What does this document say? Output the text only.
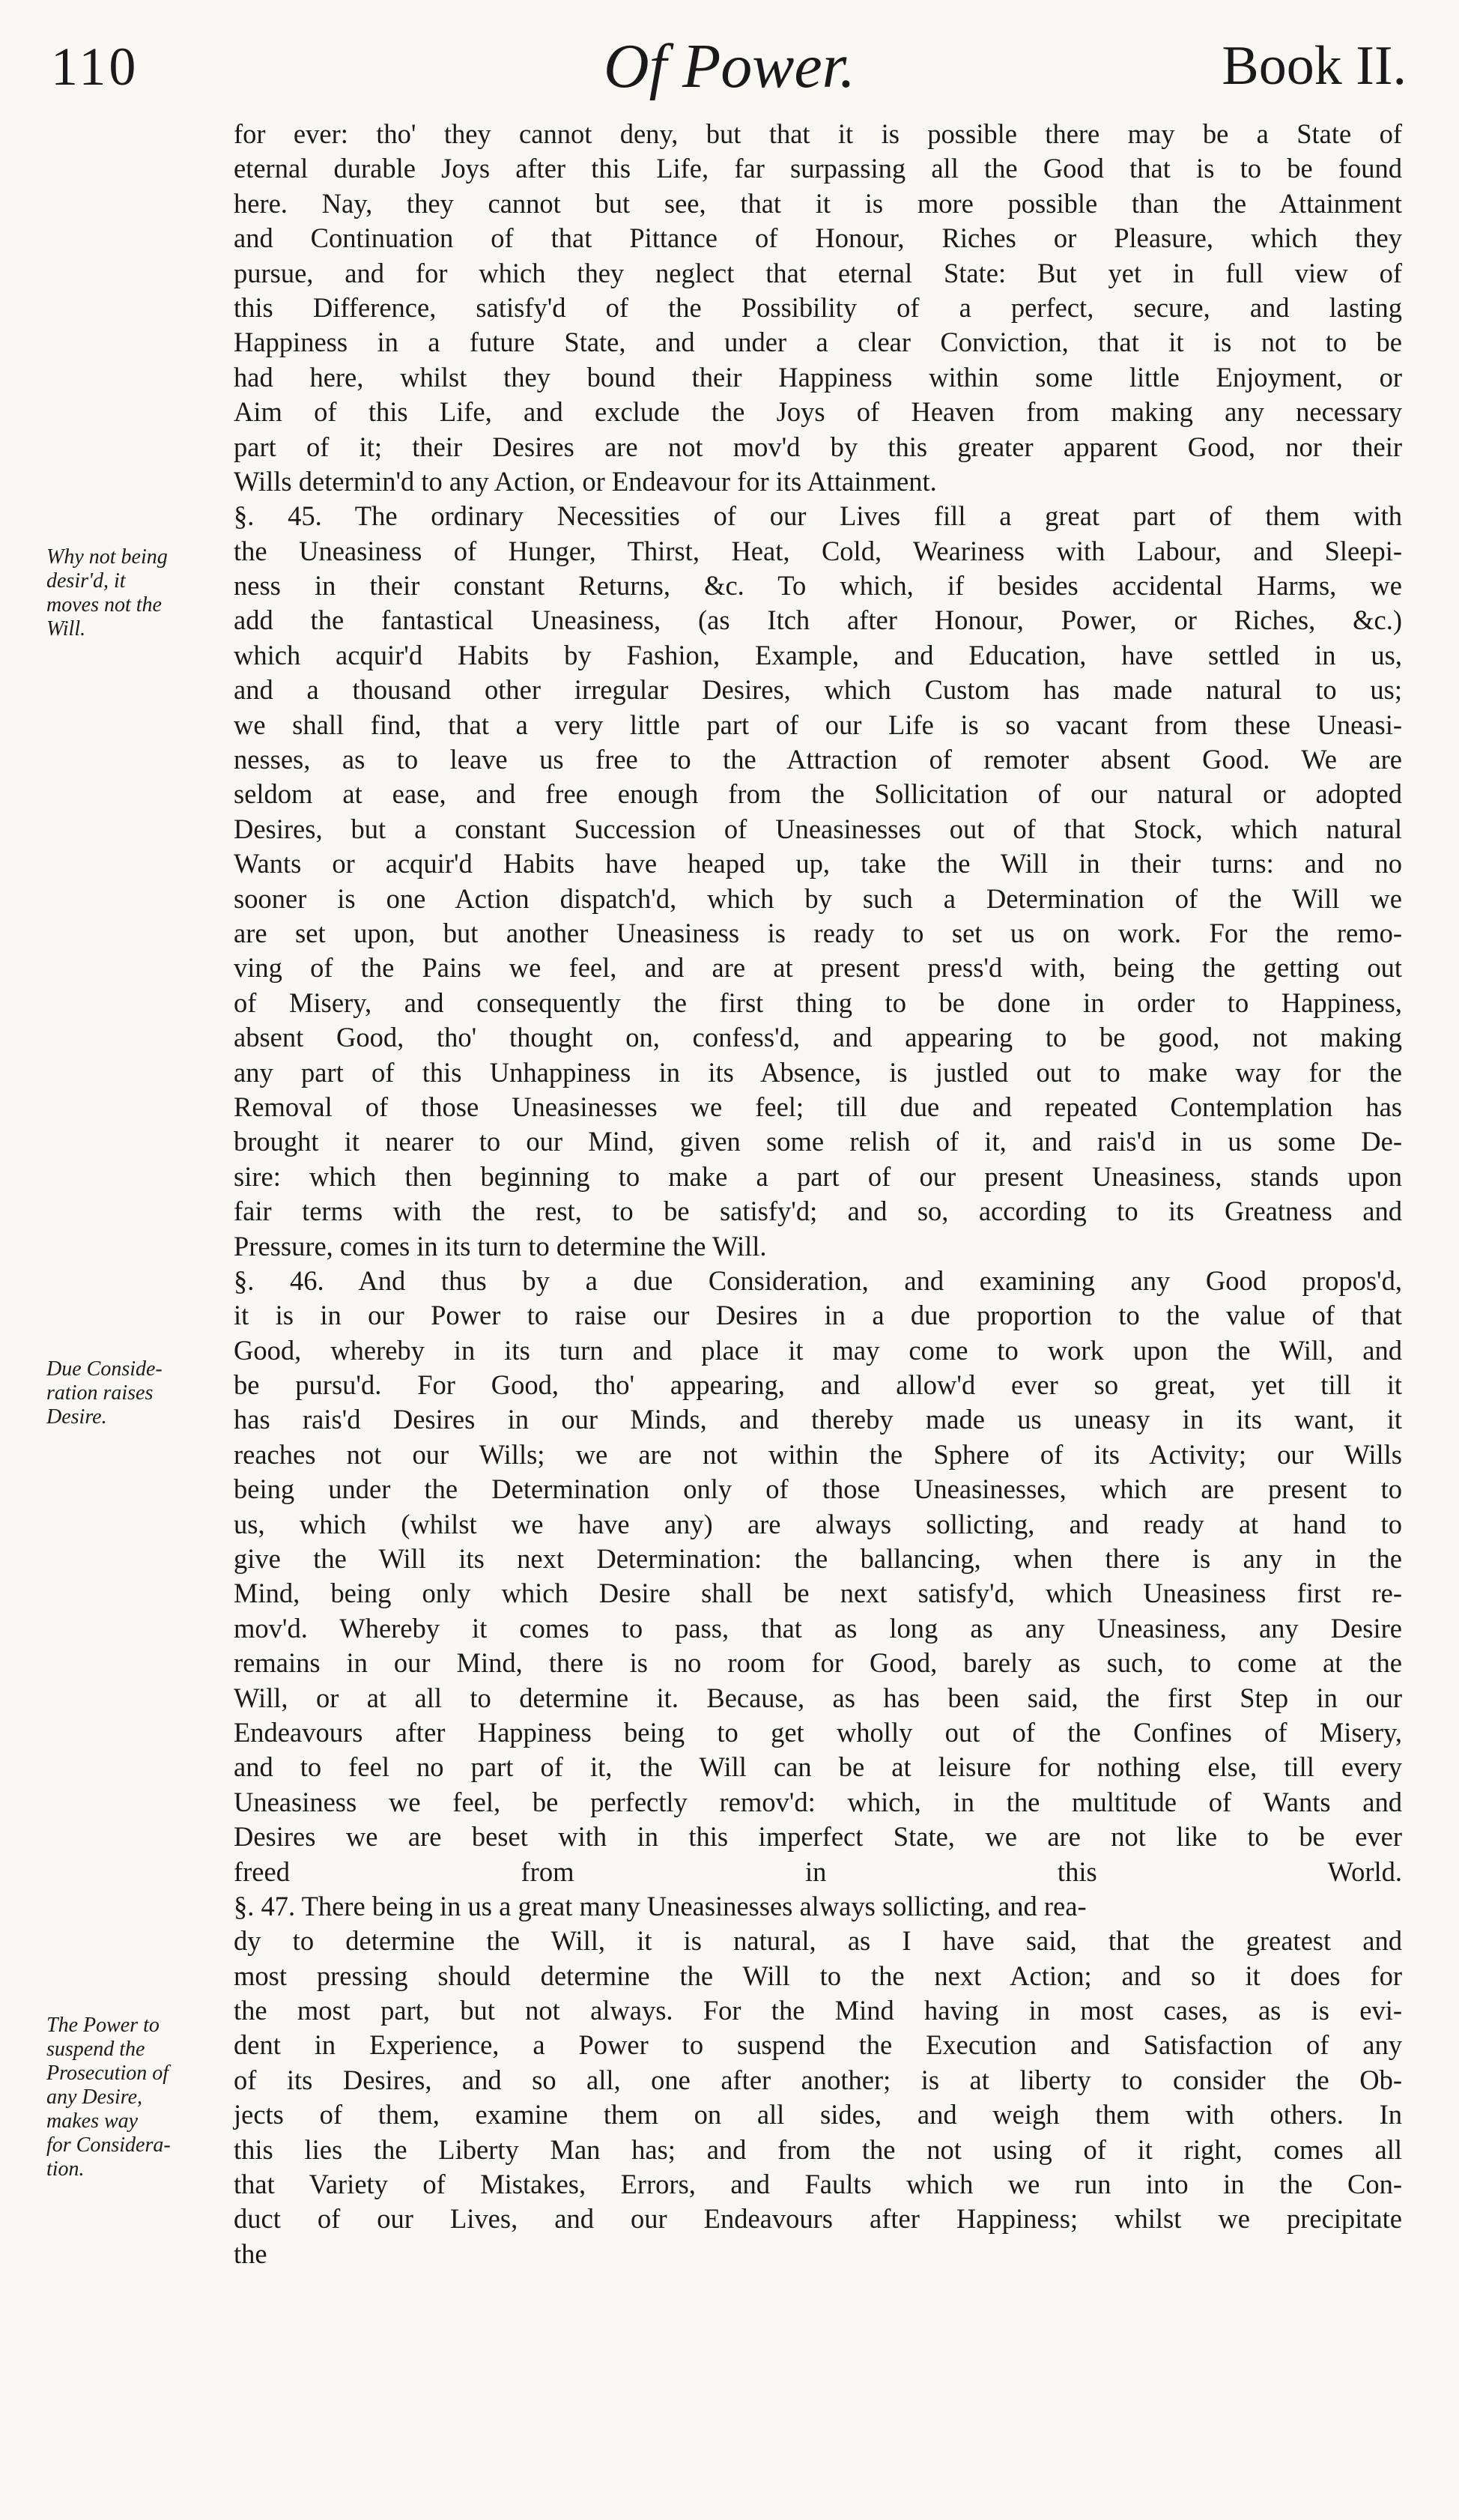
110	Of Power.	Book II.
Why not being
desir'd, it
moves not the
Will.
Due Conside-
ration raises
Desire.
The Power to
suspend the
Prosecution of
any Desire,
makes way
for Considera-
tion.
for ever: tho' they cannot deny, but that it is possible there may be a State of
eternal durable Joys after this Life, far surpassing all the Good that is to be found
here. Nay, they cannot but see, that it is more possible than the Attainment
and Continuation of that Pittance of Honour, Riches or Pleasure, which they
pursue, and for which they neglect that eternal State: But yet in full view of
this Difference, satisfy'd of the Possibility of a perfect, secure, and lasting
Happiness in a future State, and under a clear Conviction, that it is not to be
had here, whilst they bound their Happiness within some little Enjoyment, or
Aim of this Life, and exclude the Joys of Heaven from making any necessary
part of it; their Desires are not mov'd by this greater apparent Good, nor their
Wills determin'd to any Action, or Endeavour for its Attainment.
§. 45. The ordinary Necessities of our Lives fill a great part of them with
the Uneasiness of Hunger, Thirst, Heat, Cold, Weariness with Labour, and Sleepi-
ness in their constant Returns, &c. To which, if besides accidental Harms, we
add the fantastical Uneasiness, (as Itch after Honour, Power, or Riches, &c.)
which acquir'd Habits by Fashion, Example, and Education, have settled in us,
and a thousand other irregular Desires, which Custom has made natural to us;
we shall find, that a very little part of our Life is so vacant from these Uneasi-
nesses, as to leave us free to the Attraction of remoter absent Good. We are
seldom at ease, and free enough from the Sollicitation of our natural or adopted
Desires, but a constant Succession of Uneasinesses out of that Stock, which natural
Wants or acquir'd Habits have heaped up, take the Will in their turns: and no
sooner is one Action dispatch'd, which by such a Determination of the Will we
are set upon, but another Uneasiness is ready to set us on work. For the remo-
ving of the Pains we feel, and are at present press'd with, being the getting out
of Misery, and consequently the first thing to be done in order to Happiness,
absent Good, tho' thought on, confess'd, and appearing to be good, not making
any part of this Unhappiness in its Absence, is justled out to make way for the
Removal of those Uneasinesses we feel; till due and repeated Contemplation has
brought it nearer to our Mind, given some relish of it, and rais'd in us some De-
sire: which then beginning to make a part of our present Uneasiness, stands upon
fair terms with the rest, to be satisfy'd; and so, according to its Greatness and
Pressure, comes in its turn to determine the Will.
§. 46. And thus by a due Consideration, and examining any Good propos'd,
it is in our Power to raise our Desires in a due proportion to the value of that
Good, whereby in its turn and place it may come to work upon the Will, and
be pursu'd. For Good, tho' appearing, and allow'd ever so great, yet till it
has rais'd Desires in our Minds, and thereby made us uneasy in its want, it
reaches not our Wills; we are not within the Sphere of its Activity; our Wills
being under the Determination only of those Uneasinesses, which are present to
us, which (whilst we have any) are always sollicting, and ready at hand to
give the Will its next Determination: the ballancing, when there is any in the
Mind, being only which Desire shall be next satisfy'd, which Uneasiness first re-
mov'd. Whereby it comes to pass, that as long as any Uneasiness, any Desire
remains in our Mind, there is no room for Good, barely as such, to come at the
Will, or at all to determine it. Because, as has been said, the first Step in our
Endeavours after Happiness being to get wholly out of the Confines of Misery,
and to feel no part of it, the Will can be at leisure for nothing else, till every
Uneasiness we feel, be perfectly remov'd: which, in the multitude of Wants and
Desires we are beset with in this imperfect State, we are not like to be ever
freed from in this World.
§. 47. There being in us a great many Uneasinesses always sollicting, and rea-
dy to determine the Will, it is natural, as I have said, that the greatest and
most pressing should determine the Will to the next Action; and so it does for
the most part, but not always. For the Mind having in most cases, as is evi-
dent in Experience, a Power to suspend the Execution and Satisfaction of any
of its Desires, and so all, one after another; is at liberty to consider the Ob-
jects of them, examine them on all sides, and weigh them with others. In
this lies the Liberty Man has; and from the not using of it right, comes all
that Variety of Mistakes, Errors, and Faults which we run into in the Con-
duct of our Lives, and our Endeavours after Happiness; whilst we precipitate
the
